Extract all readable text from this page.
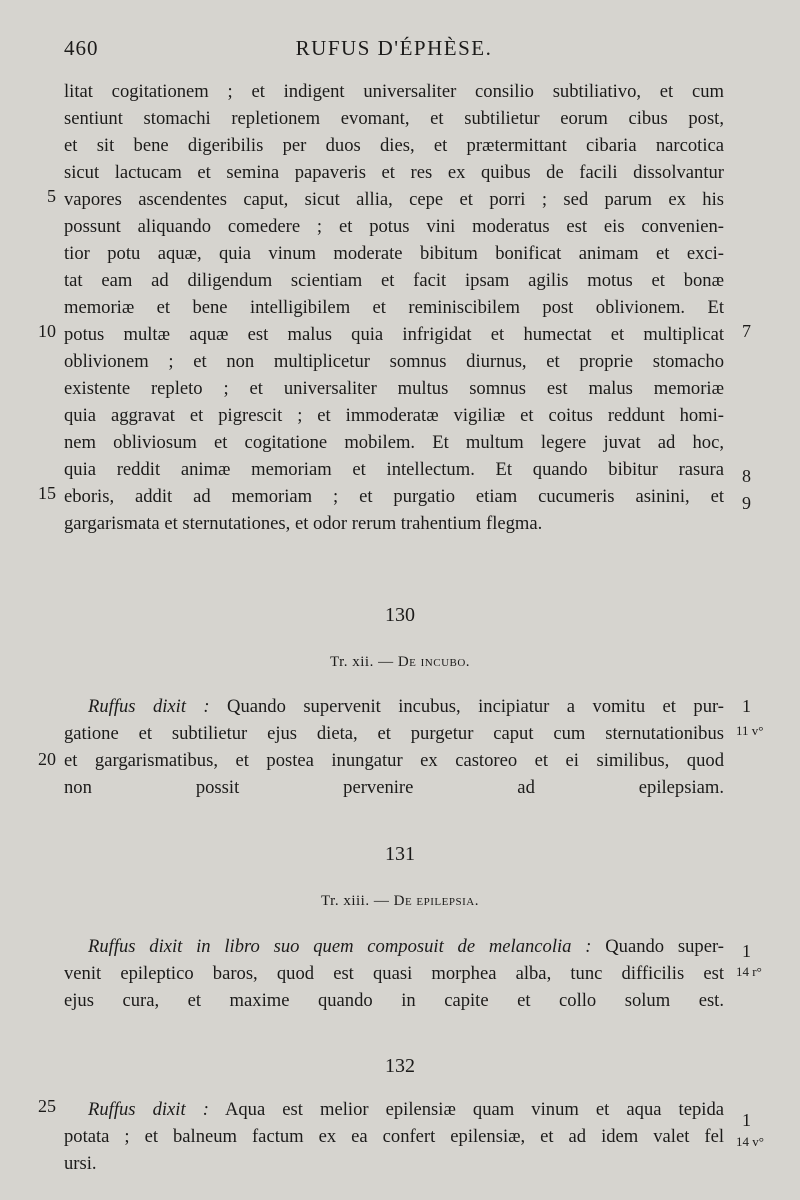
460	RUFUS D'ÉPHÈSE.
litat cogitationem ; et indigent universaliter consilio subtiliativo, et cum
sentiunt stomachi repletionem evomant, et subtilietur eorum cibus post,
et sit bene digeribilis per duos dies, et prætermittant cibaria narcotica
sicut lactucam et semina papaveris et res ex quibus de facili dissolvantur
vapores ascendentes caput, sicut allia, cepe et porri ; sed parum ex his
possunt aliquando comedere ; et potus vini moderatus est eis convenien-
tior potu aquæ, quia vinum moderate bibitum bonificat animam et exci-
tat eam ad diligendum scientiam et facit ipsam agilis motus et bonæ
memoriæ et bene intelligibilem et reminiscibilem post oblivionem. Et
potus multæ aquæ est malus quia infrigidat et humectat et multiplicat
oblivionem ; et non multiplicetur somnus diurnus, et proprie stomacho
existente repleto ; et universaliter multus somnus est malus memoriæ
quia aggravat et pigrescit ; et immoderatæ vigiliæ et coitus reddunt homi-
nem obliviosum et cogitatione mobilem. Et multum legere juvat ad hoc,
quia reddit animæ memoriam et intellectum. Et quando bibitur rasura
eboris, addit ad memoriam ; et purgatio etiam cucumeris asinini, et
gargarismata et sternutationes, et odor rerum trahentium flegma.
5
10
15
7
8
9
130
Tr. xii. — De incubo.
Ruffus dixit : Quando supervenit incubus, incipiatur a vomitu et pur-
gatione et subtilietur ejus dieta, et purgetur caput cum sternutationibus
et gargarismatibus, et postea inungatur ex castoreo et ei similibus, quod
non possit pervenire ad epilepsiam.
20
1
11 v°
131
Tr. xiii. — De epilepsia.
Ruffus dixit in libro suo quem composuit de melancolia : Quando super-
venit epileptico baros, quod est quasi morphea alba, tunc difficilis est
ejus cura, et maxime quando in capite et collo solum est.
1
14 r°
132
Ruffus dixit : Aqua est melior epilensiæ quam vinum et aqua tepida
potata ; et balneum factum ex ea confert epilensiæ, et ad idem valet fel
ursi.
25
1
14 v°
